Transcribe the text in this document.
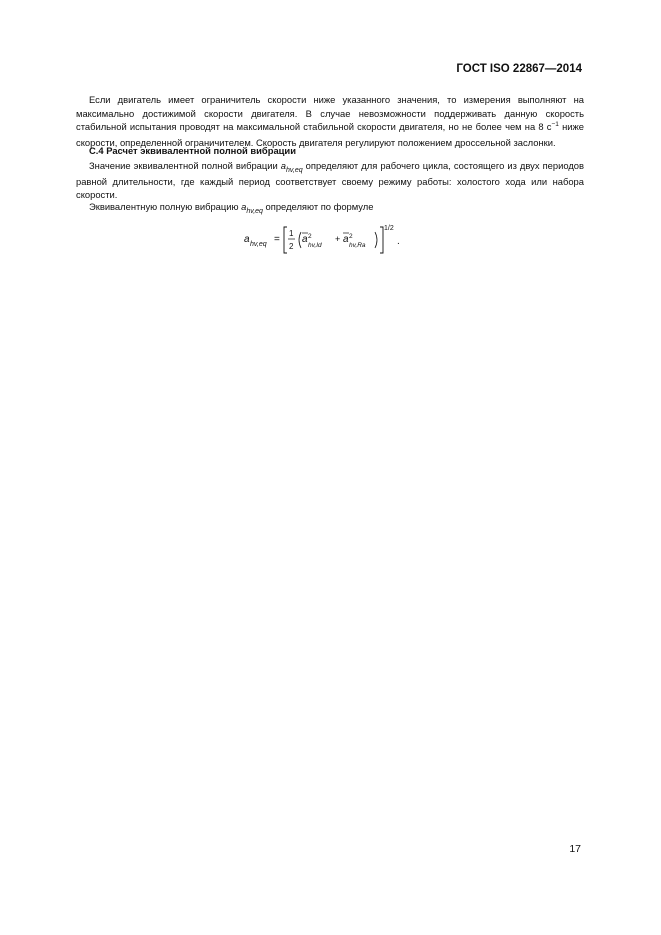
ГОСТ ISO 22867—2014

Если двигатель имеет ограничитель скорости ниже указанного значения, то измерения выполняют на максимально достижимой скорости двигателя. В случае невозможности поддерживать данную скорость стабильной испытания проводят на максимальной стабильной скорости двигателя, но не более чем на 8 $с^{-1}$ ниже скорости, определенной ограничителем. Скорость двигателя регулируют положением дроссельной заслонки.

С.4 Расчет эквивалентной полной вибрации

Значение эквивалентной полной вибрации $a_{hv,eq}$ определяют для рабочего цикла, состоящего из двух периодов равной длительности, где каждый период соответствует своему режиму работы: холостого хода или набора скорости.

Эквивалентную полную вибрацию $a_{hv,eq}$ определяют по формуле

a hv,eq =
1
2
a 2
hv,Id
+ a 2
hv,Ra
1/2
.
17
